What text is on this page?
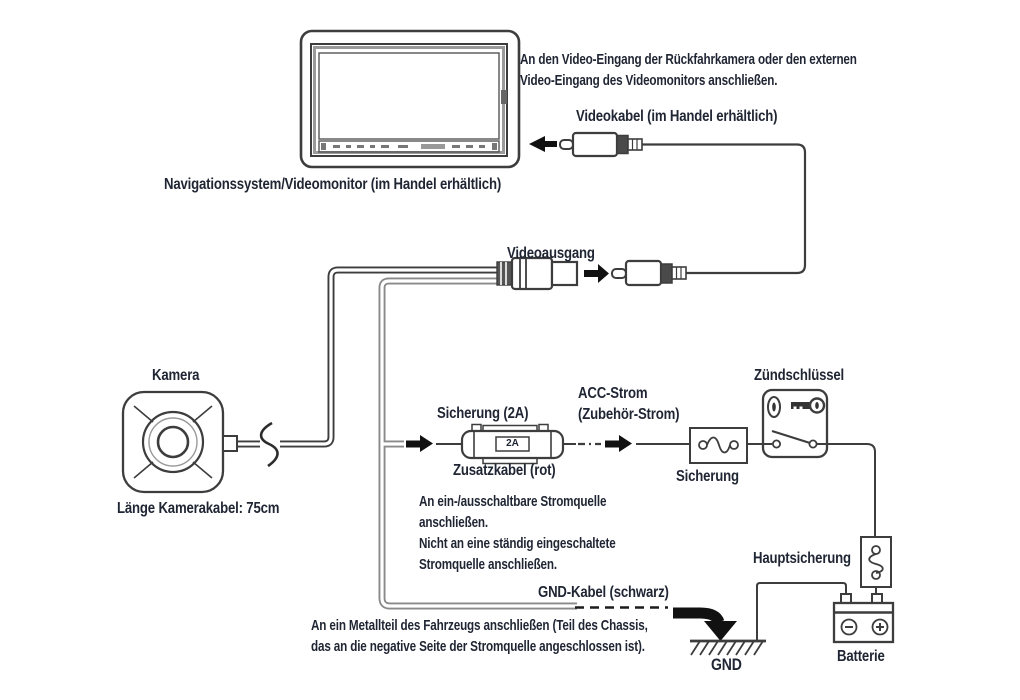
An den Video-Eingang der Rückfahrkamera oder den externen
Video-Eingang des Videomonitors anschließen.
Videokabel (im Handel erhältlich)
Navigationssystem/Videomonitor (im Handel erhältlich)
Videoausgang
Kamera
Länge Kamerakabel: 75cm
Sicherung (2A)
Zusatzkabel (rot)
2A
ACC-Strom
(Zubehör-Strom)
An ein-/ausschaltbare Stromquelle
anschließen.
Nicht an eine ständig eingeschaltete
Stromquelle anschließen.
Sicherung
Zündschlüssel
Hauptsicherung
GND-Kabel (schwarz)
An ein Metallteil des Fahrzeugs anschließen (Teil des Chassis,
das an die negative Seite der Stromquelle angeschlossen ist).
GND	Batterie
